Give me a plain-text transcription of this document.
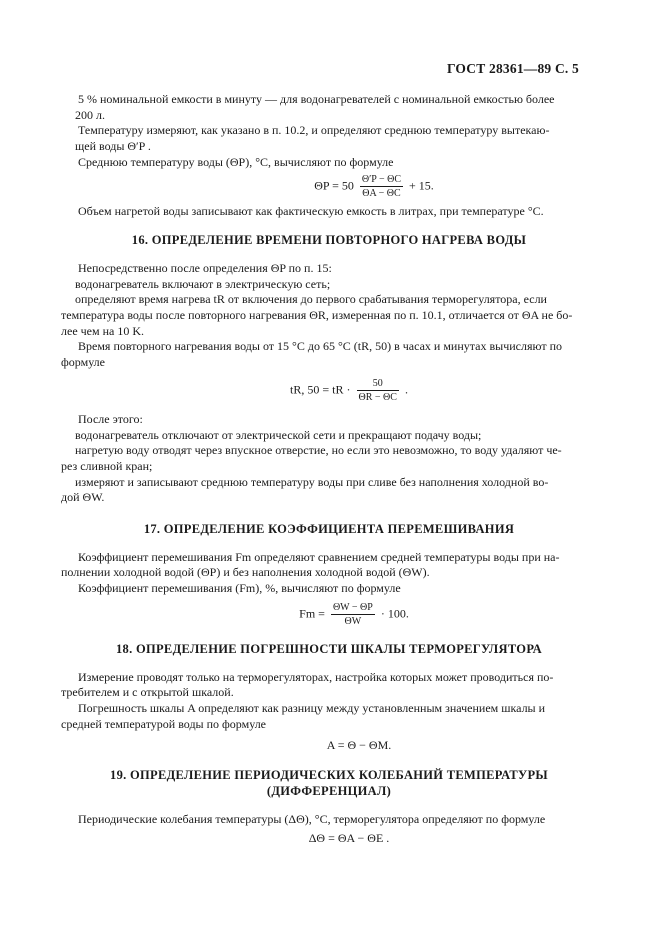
ГОСТ 28361—89 С. 5

5 % номинальной емкости в минуту — для водонагревателей с номинальной емкостью более

200 л.

Температуру измеряют, как указано в п. 10.2, и определяют среднюю температуру вытекаю-

щей воды Θ′P .

Среднюю температуру воды (ΘP), °С, вычисляют по формуле

$\Theta P = 50 \frac{\Theta'P - \Theta C}{\Theta A - \Theta C} + 15$.

Объем нагретой воды записывают как фактическую емкость в литрах, при температуре °С.

16. ОПРЕДЕЛЕНИЕ ВРЕМЕНИ ПОВТОРНОГО НАГРЕВА ВОДЫ

Непосредственно после определения ΘP по п. 15:

водонагреватель включают в электрическую сеть;

определяют время нагрева tR от включения до первого срабатывания терморегулятора, если

температура воды после повторного нагревания ΘR, измеренная по п. 10.1, отличается от ΘA не бо-

лее чем на 10 K.

Время повторного нагревания воды от 15 °С до 65 °С (tR, 50) в часах и минутах вычисляют по

формуле

tR, 50 = tR · $\frac{50}{\Theta R - \Theta C}$ .

После этого:

водонагреватель отключают от электрической сети и прекращают подачу воды;

нагретую воду отводят через впускное отверстие, но если это невозможно, то воду удаляют че-

рез сливной кран;

измеряют и записывают среднюю температуру воды при сливе без наполнения холодной во-

дой ΘW.

17. ОПРЕДЕЛЕНИЕ КОЭФФИЦИЕНТА ПЕРЕМЕШИВАНИЯ

Коэффициент перемешивания Fm определяют сравнением средней температуры воды при на-

полнении холодной водой (ΘP) и без наполнения холодной водой (ΘW).

Коэффициент перемешивания (Fm), %, вычисляют по формуле

$Fm = \frac{\Theta W - \Theta P}{\Theta W} \cdot 100$.
18. ОПРЕДЕЛЕНИЕ ПОГРЕШНОСТИ ШКАЛЫ ТЕРМОРЕГУЛЯТОРА

Измерение проводят только на терморегуляторах, настройка которых может проводиться по-

требителем и с открытой шкалой.

Погрешность шкалы A определяют как разницу между установленным значением шкалы и

средней температурой воды по формуле

A = Θ − ΘM.
19. ОПРЕДЕЛЕНИЕ ПЕРИОДИЧЕСКИХ КОЛЕБАНИЙ ТЕМПЕРАТУРЫ
(ДИФФЕРЕНЦИАЛ)

Периодические колебания температуры (ΔΘ), °С, терморегулятора определяют по формуле

ΔΘ = ΘA − ΘE .
